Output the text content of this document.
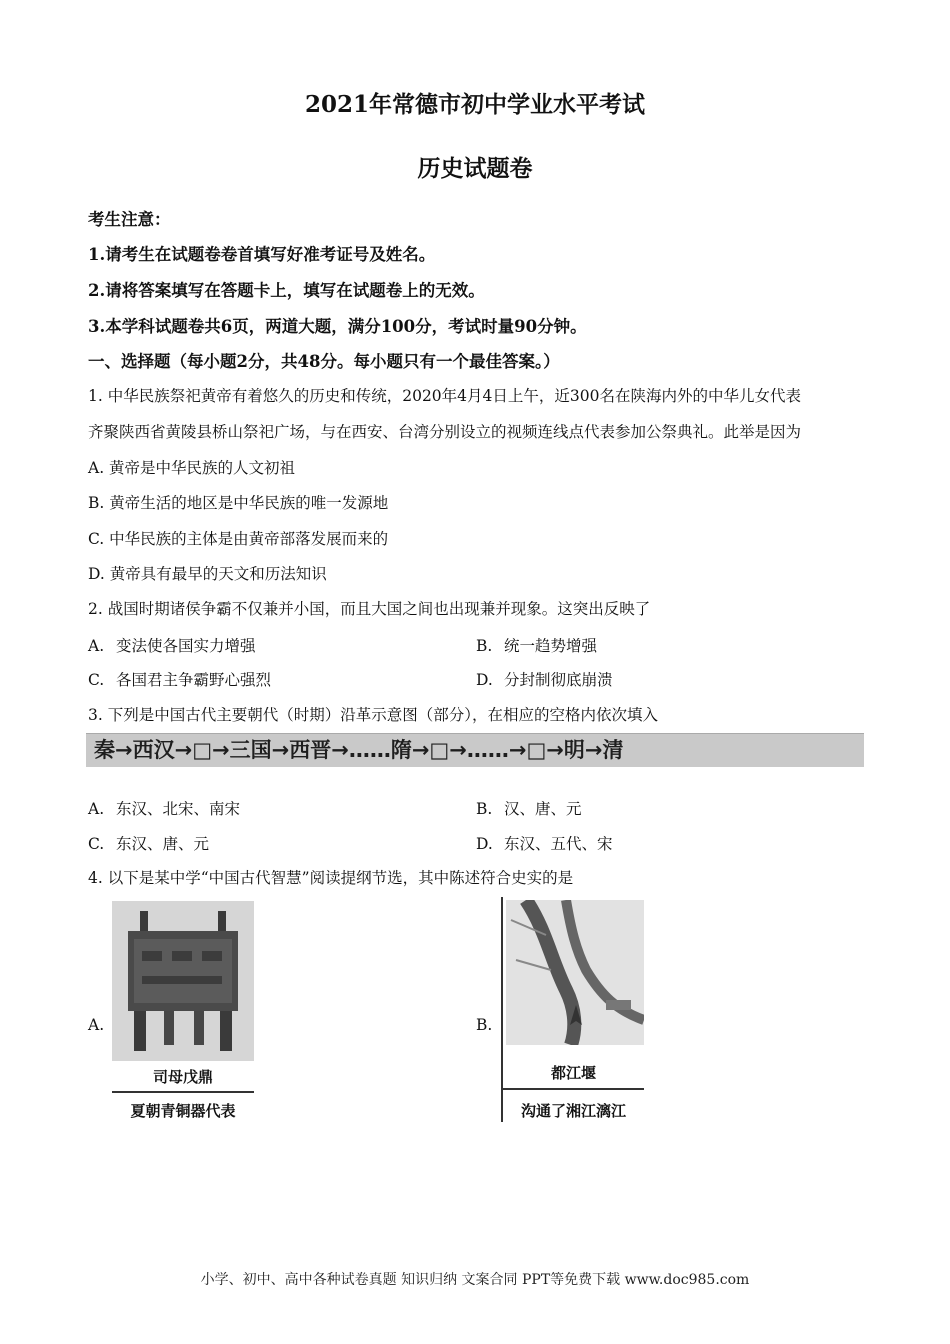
2021年常德市初中学业水平考试
历史试题卷
考生注意：
1.请考生在试题卷卷首填写好准考证号及姓名。
2.请将答案填写在答题卡上，填写在试题卷上的无效。
3.本学科试题卷共6页，两道大题，满分100分，考试时量90分钟。
一、选择题（每小题2分，共48分。每小题只有一个最佳答案。）
1. 中华民族祭祀黄帝有着悠久的历史和传统，2020年4月4日上午，近300名在陕海内外的中华儿女代表
齐聚陕西省黄陵县桥山祭祀广场，与在西安、台湾分别设立的视频连线点代表参加公祭典礼。此举是因为
A. 黄帝是中华民族的人文初祖
B. 黄帝生活的地区是中华民族的唯一发源地
C. 中华民族的主体是由黄帝部落发展而来的
D. 黄帝具有最早的天文和历法知识
2. 战国时期诸侯争霸不仅兼并小国，而且大国之间也出现兼并现象。这突出反映了
A. 变法使各国实力增强	B. 统一趋势增强
C. 各国君主争霸野心强烈	D. 分封制彻底崩溃
3. 下列是中国古代主要朝代（时期）沿革示意图（部分），在相应的空格内依次填入
秦→西汉→□→三国→西晋→……隋→□→……→□→明→清
A. 东汉、北宋、南宋	B. 汉、唐、元
C. 东汉、唐、元	D. 东汉、五代、宋
4. 以下是某中学“中国古代智慧”阅读提纲节选，其中陈述符合史实的是
A.
司母戊鼎
夏朝青铜器代表
B.
都江堰
沟通了湘江漓江
小学、初中、高中各种试卷真题 知识归纳 文案合同 PPT等免费下载 www.doc985.com
